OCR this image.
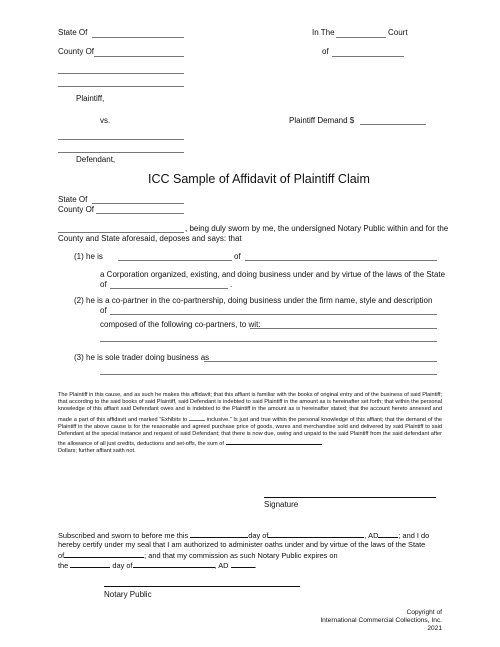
State Of	In The	Court
County Of	of
Plaintiff,
vs.	Plaintiff Demand $
Defendant,
ICC Sample of Affidavit of Plaintiff Claim
State Of
County Of
, being duly sworn by me, the undersigned Notary Public within and for the
County and State aforesaid, deposes and says: that
(1) he is	of
a Corporation organized, existing, and doing business under and by virtue of the laws of the State
of	.
(2) he is a co-partner in the co-partnership, doing business under the firm name, style and description
of
composed of the following co-partners, to wit:
(3) he is sole trader doing business as
The Plaintiff in this cause, and as such he makes this affidavit; that this affiant is familiar with the books of original entry and of the business of said Plaintiff; that according to the said books of said Plaintiff, said Defendant is indebted to said Plaintiff in the amount as is hereinafter set forth; that within the personal knowledge of this affiant said Defendant owes and is indebted to the Plaintiff in the amount as is hereinafter stated; that the account hereto annexed and made a part of this affidavit and marked “Exhibits to	inclusive.” Is just and true within the personal knowledge of this affiant; that the demand of the Plaintiff in the above cause is for the reasonable and agreed purchase price of goods, wares and merchandise sold and delivered by said Plaintiff to said Defendant at the special instance and request of said Defendant; that there is now due, owing and unpaid to the said Plaintiff from the said defendant after the allowance of all just credits, deductions and set-offs, the sum of
Dollars; further affiant saith not.
Signature
Subscribed and sworn to before me this	day of	, AD	; and I do
hereby certify under my seal that I am authorized to administer oaths under and by virtue of the laws of the State
of	; and that my commission as such Notary Public expires on
the	day of	, AD	.
Notary Public
Copyright of
International Commercial Collections, Inc.
2021
